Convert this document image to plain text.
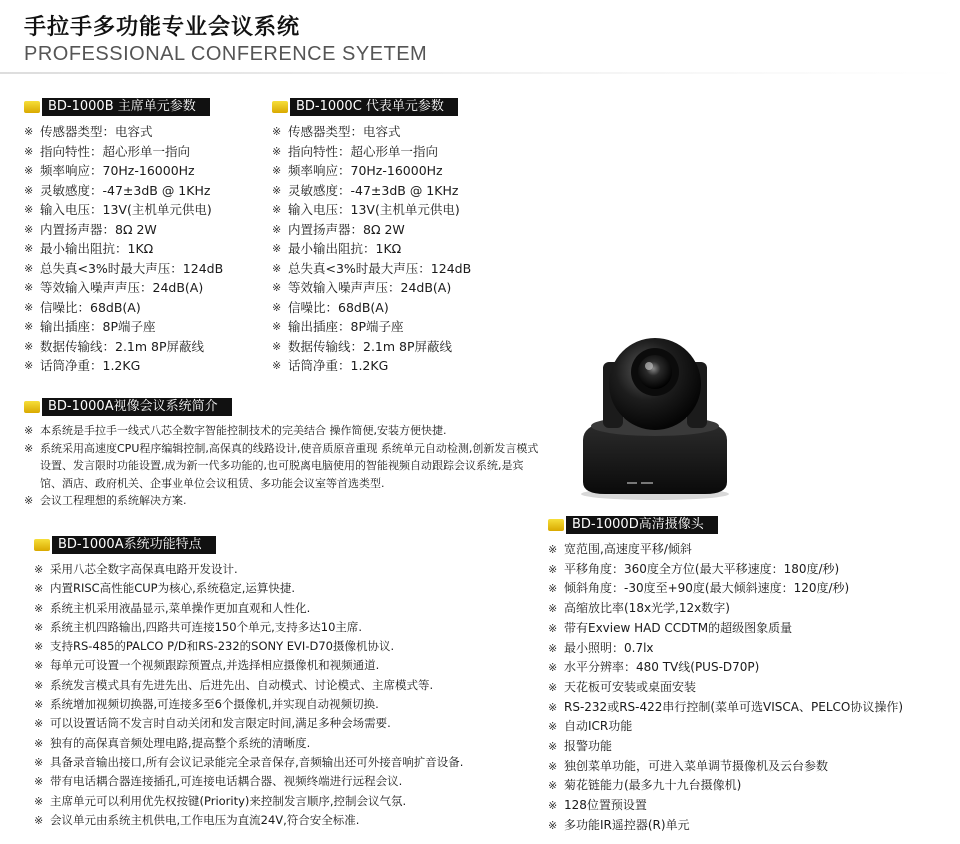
手拉手多功能专业会议系统
PROFESSIONAL CONFERENCE SYETEM
BD-1000B 主席单元参数
※ 传感器类型：电容式
※ 指向特性：超心形单一指向
※ 频率响应：70Hz-16000Hz
※ 灵敏感度：-47±3dB @ 1KHz
※ 输入电压：13V(主机单元供电)
※ 内置扬声器：8Ω 2W
※ 最小输出阻抗：1KΩ
※ 总失真<3%时最大声压：124dB
※ 等效输入噪声声压：24dB(A)
※ 信噪比：68dB(A)
※ 输出插座：8P端子座
※ 数据传输线：2.1m 8P屏蔽线
※ 话筒净重：1.2KG
BD-1000C 代表单元参数
※ 传感器类型：电容式
※ 指向特性：超心形单一指向
※ 频率响应：70Hz-16000Hz
※ 灵敏感度：-47±3dB @ 1KHz
※ 输入电压：13V(主机单元供电)
※ 内置扬声器：8Ω 2W
※ 最小输出阻抗：1KΩ
※ 总失真<3%时最大声压：124dB
※ 等效输入噪声声压：24dB(A)
※ 信噪比：68dB(A)
※ 输出插座：8P端子座
※ 数据传输线：2.1m 8P屏蔽线
※ 话筒净重：1.2KG
BD-1000A视像会议系统简介
※ 本系统是手拉手一线式八芯全数字智能控制技术的完美结合 操作简便,安装方便快捷.
※ 系统采用高速度CPU程序编辑控制,高保真的线路设计,使音质原音重现 系统单元自动检测,创新发言模式设置、发言限时功能设置,成为新一代多功能的,也可脱离电脑使用的智能视频自动跟踪会议系统,是宾馆、酒店、政府机关、企事业单位会议租赁、多功能会议室等首选类型.
※ 会议工程理想的系统解决方案.
BD-1000A系统功能特点
※ 采用八芯全数字高保真电路开发设计.
※ 内置RISC高性能CUP为核心,系统稳定,运算快捷.
※ 系统主机采用液晶显示,菜单操作更加直观和人性化.
※ 系统主机四路输出,四路共可连接150个单元,支持多达10主席.
※ 支持RS-485的PALCO P/D和RS-232的SONY EVI-D70摄像机协议.
※ 每单元可设置一个视频跟踪预置点,并选择相应摄像机和视频通道.
※ 系统发言模式具有先进先出、后进先出、自动模式、讨论模式、主席模式等.
※ 系统增加视频切换器,可连接多至6个摄像机,并实现自动视频切换.
※ 可以设置话筒不发言时自动关闭和发言限定时间,满足多种会场需要.
※ 独有的高保真音频处理电路,提高整个系统的清晰度.
※ 具备录音输出接口,所有会议记录能完全录音保存,音频输出还可外接音响扩音设备.
※ 带有电话耦合器连接插孔,可连接电话耦合器、视频终端进行远程会议.
※ 主席单元可以利用优先权按键(Priority)来控制发言顺序,控制会议气氛.
※ 会议单元由系统主机供电,工作电压为直流24V,符合安全标准.
BD-1000D高清摄像头
※ 宽范围,高速度平移/倾斜
※ 平移角度：360度全方位(最大平移速度：180度/秒)
※ 倾斜角度：-30度至+90度(最大倾斜速度：120度/秒)
※ 高缩放比率(18x光学,12x数字)
※ 带有Exview HAD CCDTM的超级图象质量
※ 最小照明：0.7lx
※ 水平分辨率：480 TV线(PUS-D70P)
※ 天花板可安装或桌面安装
※ RS-232或RS-422串行控制(菜单可选VISCA、PELCO协议操作)
※ 自动ICR功能
※ 报警功能
※ 独创菜单功能，可进入菜单调节摄像机及云台参数
※ 菊花链能力(最多九十九台摄像机)
※ 128位置预设置
※ 多功能IR遥控器(R)单元
